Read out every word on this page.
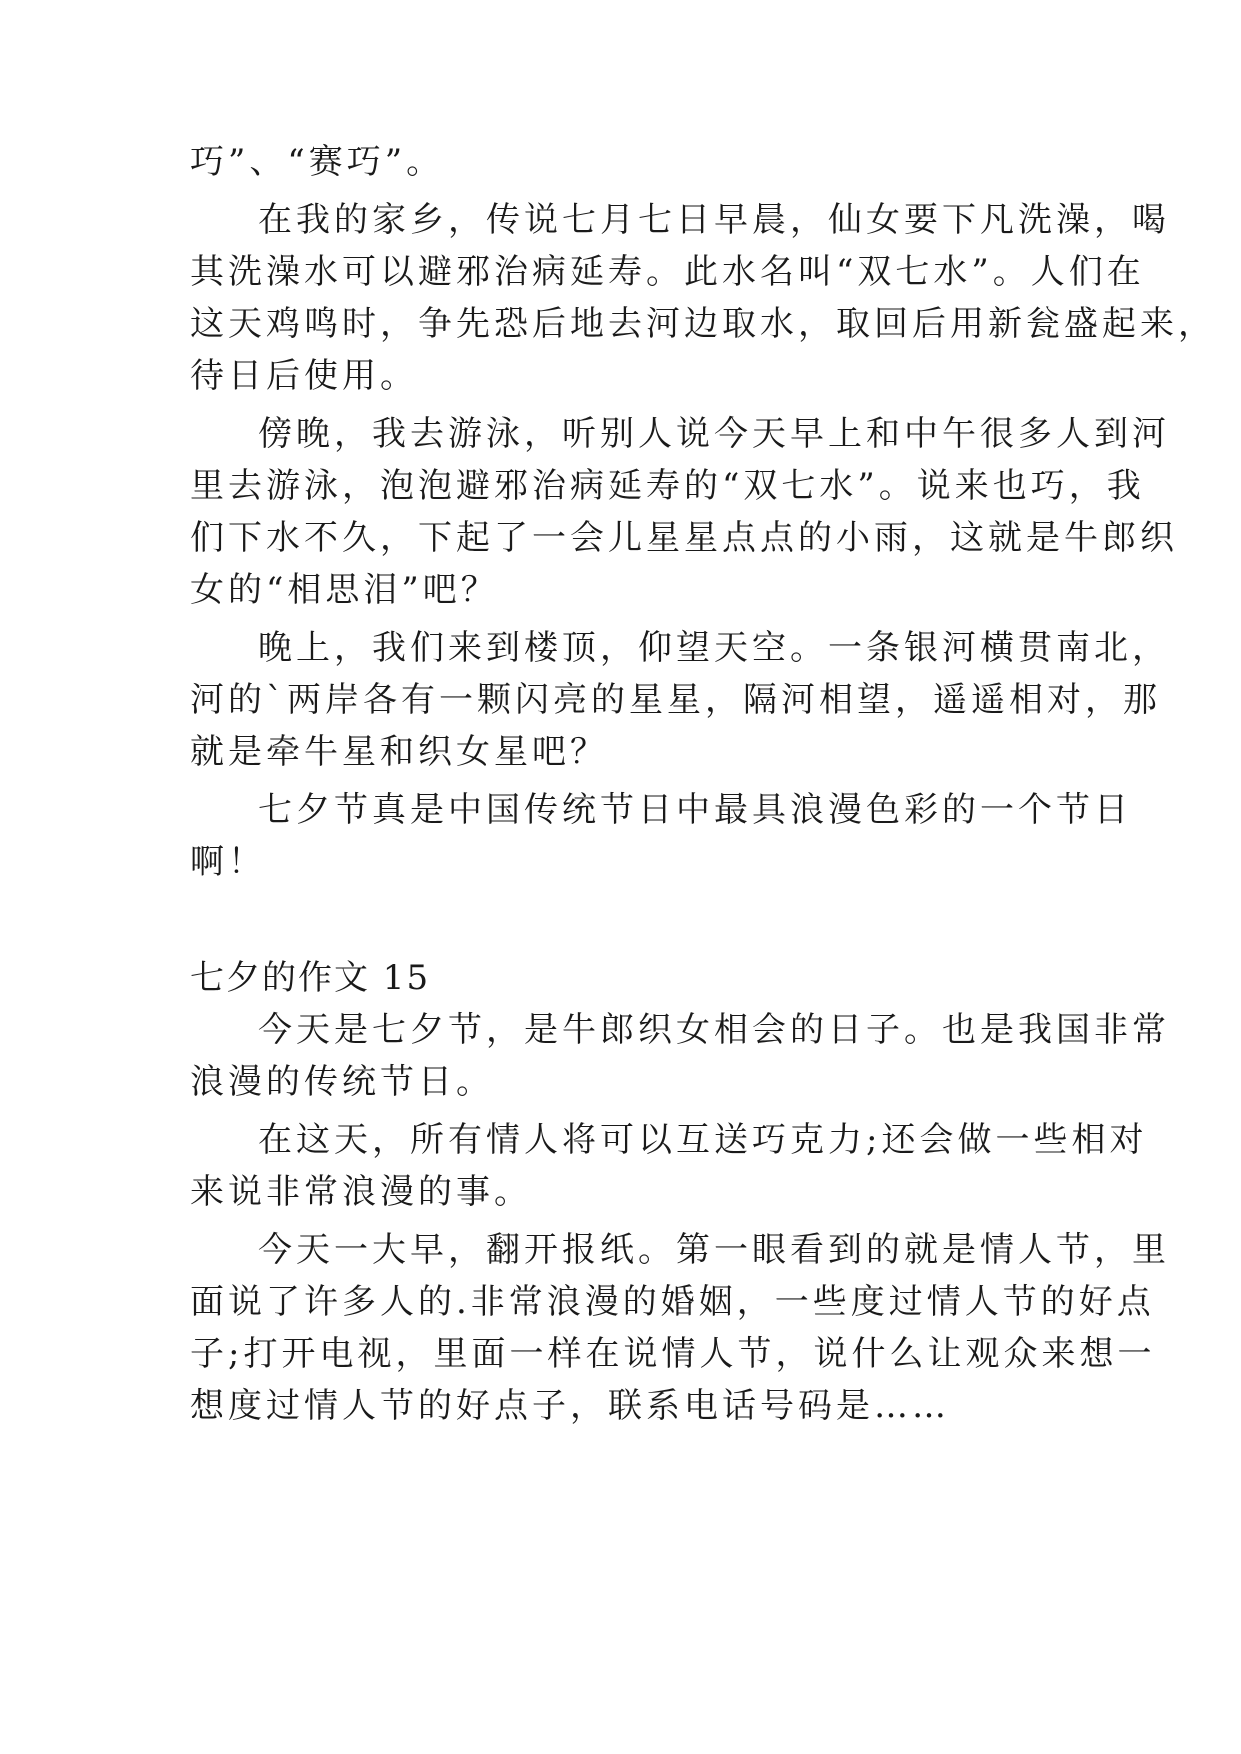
巧”、“赛巧”。
在我的家乡，传说七月七日早晨，仙女要下凡洗澡，喝
其洗澡水可以避邪治病延寿。此水名叫“双七水”。人们在
这天鸡鸣时，争先恐后地去河边取水，取回后用新瓮盛起来，
待日后使用。
傍晚，我去游泳，听别人说今天早上和中午很多人到河
里去游泳，泡泡避邪治病延寿的“双七水”。说来也巧，我
们下水不久，下起了一会儿星星点点的小雨，这就是牛郎织
女的“相思泪”吧？
晚上，我们来到楼顶，仰望天空。一条银河横贯南北，
河的`两岸各有一颗闪亮的星星，隔河相望，遥遥相对，那
就是牵牛星和织女星吧？
七夕节真是中国传统节日中最具浪漫色彩的一个节日
啊！
七夕的作文 15
今天是七夕节，是牛郎织女相会的日子。也是我国非常
浪漫的传统节日。
在这天，所有情人将可以互送巧克力;还会做一些相对
来说非常浪漫的事。
今天一大早，翻开报纸。第一眼看到的就是情人节，里
面说了许多人的.非常浪漫的婚姻，一些度过情人节的好点
子;打开电视，里面一样在说情人节，说什么让观众来想一
想度过情人节的好点子，联系电话号码是……
